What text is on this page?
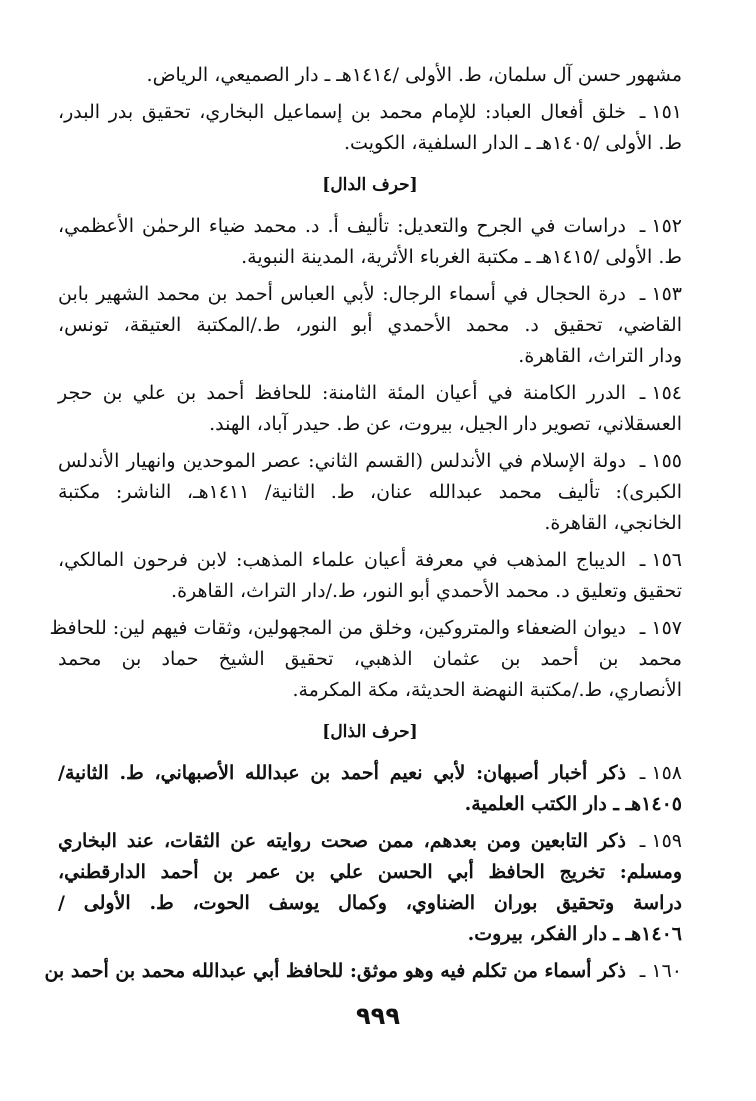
مشهور حسن آل سلمان، ط. الأولى /١٤١٤هـ ـ دار الصميعي، الرياض.
١٥١ ـ
خلق أفعال العباد: للإمام محمد بن إسماعيل البخاري، تحقيق بدر البدر،
ط. الأولى /١٤٠٥هـ ـ الدار السلفية، الكويت.
[حرف الدال]
١٥٢ ـ
دراسات في الجرح والتعديل: تأليف أ. د. محمد ضياء الرحمٰن الأعظمي،
ط. الأولى /١٤١٥هـ ـ مكتبة الغرباء الأثرية، المدينة النبوية.
١٥٣ ـ
درة الحجال في أسماء الرجال: لأبي العباس أحمد بن محمد الشهير بابن
القاضي، تحقيق د. محمد الأحمدي أبو النور، ط./المكتبة العتيقة، تونس،
ودار التراث، القاهرة.
١٥٤ ـ
الدرر الكامنة في أعيان المئة الثامنة: للحافظ أحمد بن علي بن حجر
العسقلاني، تصوير دار الجيل، بيروت، عن ط. حيدر آباد، الهند.
١٥٥ ـ
دولة الإسلام في الأندلس (القسم الثاني: عصر الموحدين وانهيار الأندلس
الكبرى): تأليف محمد عبدالله عنان، ط. الثانية/ ١٤١١هـ، الناشر: مكتبة
الخانجي، القاهرة.
١٥٦ ـ
الديباج المذهب في معرفة أعيان علماء المذهب: لابن فرحون المالكي،
تحقيق وتعليق د. محمد الأحمدي أبو النور، ط./دار التراث، القاهرة.
١٥٧ ـ
ديوان الضعفاء والمتروكين، وخلق من المجهولين، وثقات فيهم لين: للحافظ
محمد بن أحمد بن عثمان الذهبي، تحقيق الشيخ حماد بن محمد
الأنصاري، ط./مكتبة النهضة الحديثة، مكة المكرمة.
[حرف الذال]
١٥٨ ـ
ذكر أخبار أصبهان: لأبي نعيم أحمد بن عبدالله الأصبهاني، ط. الثانية/
١٤٠٥هـ ـ دار الكتب العلمية.
١٥٩ ـ
ذكر التابعين ومن بعدهم، ممن صحت روايته عن الثقات، عند البخاري
ومسلم: تخريج الحافظ أبي الحسن علي بن عمر بن أحمد الدارقطني،
دراسة وتحقيق بوران الضناوي، وكمال يوسف الحوت، ط. الأولى /
١٤٠٦هـ ـ دار الفكر، بيروت.
١٦٠ ـ
ذكر أسماء من تكلم فيه وهو موثق: للحافظ أبي عبدالله محمد بن أحمد بن
٩٩٩
